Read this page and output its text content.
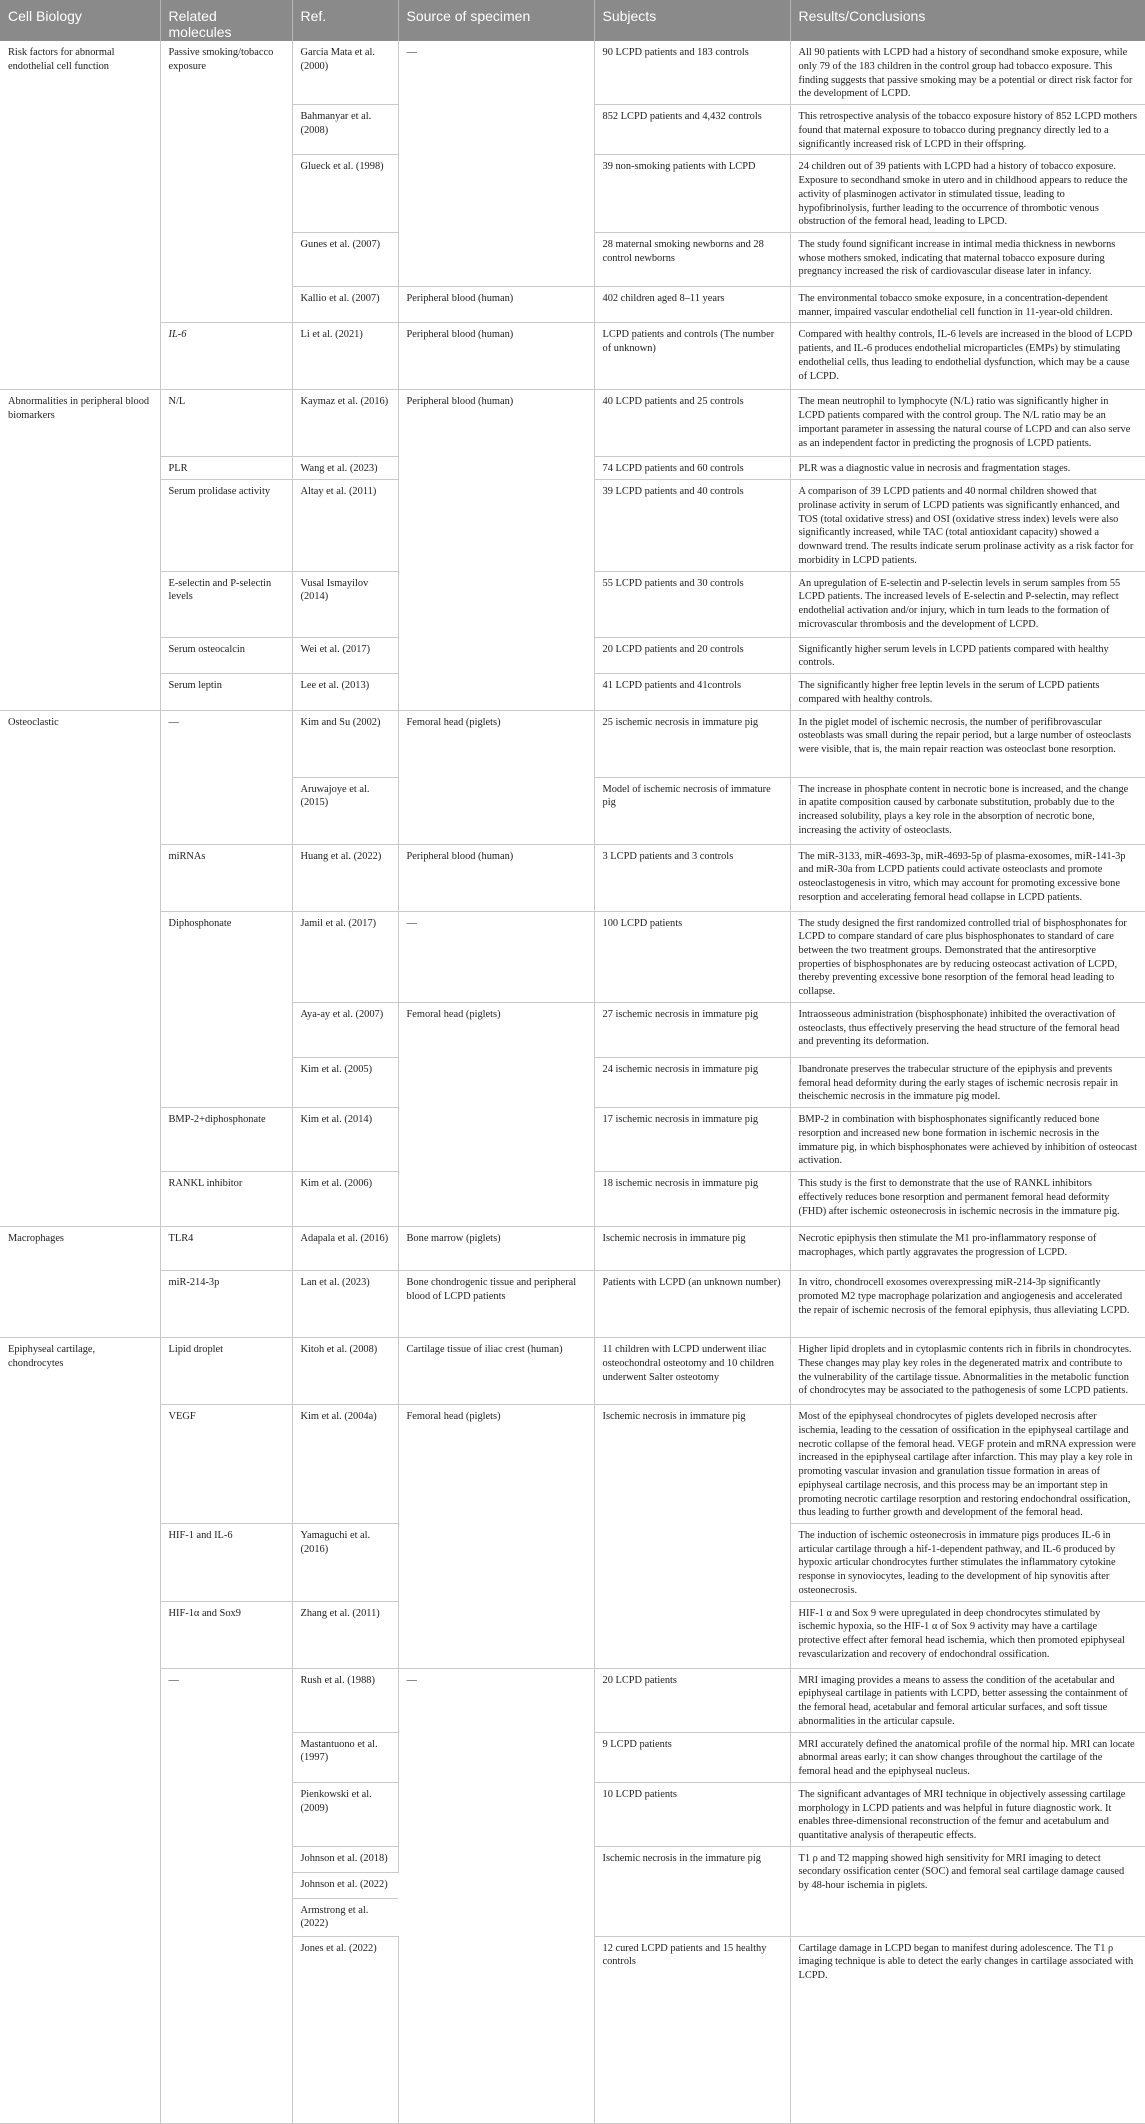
Cell Biology	Related molecules	Ref.	Source of specimen	Subjects	Results/Conclusions
Risk factors for abnormal endothelial cell function	Passive smoking/tobacco exposure	Garcia Mata et al. (2000)	—	90 LCPD patients and 183 controls	All 90 patients with LCPD had a history of secondhand smoke exposure, while only 79 of the 183 children in the control group had tobacco exposure. This finding suggests that passive smoking may be a potential or direct risk factor for the development of LCPD.
		Bahmanyar et al. (2008)		852 LCPD patients and 4,432 controls	This retrospective analysis of the tobacco exposure history of 852 LCPD mothers found that maternal exposure to tobacco during pregnancy directly led to a significantly increased risk of LCPD in their offspring.
		Glueck et al. (1998)		39 non-smoking patients with LCPD	24 children out of 39 patients with LCPD had a history of tobacco exposure. Exposure to secondhand smoke in utero and in childhood appears to reduce the activity of plasminogen activator in stimulated tissue, leading to hypofibrinolysis, further leading to the occurrence of thrombotic venous obstruction of the femoral head, leading to LPCD.
		Gunes et al. (2007)		28 maternal smoking newborns and 28 control newborns	The study found significant increase in intimal media thickness in newborns whose mothers smoked, indicating that maternal tobacco exposure during pregnancy increased the risk of cardiovascular disease later in infancy.
		Kallio et al. (2007)	Peripheral blood (human)	402 children aged 8–11 years	The environmental tobacco smoke exposure, in a concentration-dependent manner, impaired vascular endothelial cell function in 11-year-old children.
	IL-6	Li et al. (2021)	Peripheral blood (human)	LCPD patients and controls (The number of unknown)	Compared with healthy controls, IL-6 levels are increased in the blood of LCPD patients, and IL-6 produces endothelial microparticles (EMPs) by stimulating endothelial cells, thus leading to endothelial dysfunction, which may be a cause of LCPD.
Abnormalities in peripheral blood biomarkers	N/L	Kaymaz et al. (2016)	Peripheral blood (human)	40 LCPD patients and 25 controls	The mean neutrophil to lymphocyte (N/L) ratio was significantly higher in LCPD patients compared with the control group. The N/L ratio may be an important parameter in assessing the natural course of LCPD and can also serve as an independent factor in predicting the prognosis of LCPD patients.
	PLR	Wang et al. (2023)		74 LCPD patients and 60 controls	PLR was a diagnostic value in necrosis and fragmentation stages.
	Serum prolidase activity	Altay et al. (2011)		39 LCPD patients and 40 controls	A comparison of 39 LCPD patients and 40 normal children showed that prolinase activity in serum of LCPD patients was significantly enhanced, and TOS (total oxidative stress) and OSI (oxidative stress index) levels were also significantly increased, while TAC (total antioxidant capacity) showed a downward trend. The results indicate serum prolinase activity as a risk factor for morbidity in LCPD patients.
	E-selectin and P-selectin levels	Vusal Ismayilov (2014)		55 LCPD patients and 30 controls	An upregulation of E-selectin and P-selectin levels in serum samples from 55 LCPD patients. The increased levels of E-selectin and P-selectin, may reflect endothelial activation and/or injury, which in turn leads to the formation of microvascular thrombosis and the development of LCPD.
	Serum osteocalcin	Wei et al. (2017)		20 LCPD patients and 20 controls	Significantly higher serum levels in LCPD patients compared with healthy controls.
	Serum leptin	Lee et al. (2013)		41 LCPD patients and 41controls	The significantly higher free leptin levels in the serum of LCPD patients compared with healthy controls.
Osteoclastic	—	Kim and Su (2002)	Femoral head (piglets)	25 ischemic necrosis in immature pig	In the piglet model of ischemic necrosis, the number of perifibrovascular osteoblasts was small during the repair period, but a large number of osteoclasts were visible, that is, the main repair reaction was osteoclast bone resorption.
		Aruwajoye et al. (2015)		Model of ischemic necrosis of immature pig	The increase in phosphate content in necrotic bone is increased, and the change in apatite composition caused by carbonate substitution, probably due to the increased solubility, plays a key role in the absorption of necrotic bone, increasing the activity of osteoclasts.
	miRNAs	Huang et al. (2022)	Peripheral blood (human)	3 LCPD patients and 3 controls	The miR-3133, miR-4693-3p, miR-4693-5p of plasma-exosomes, miR-141-3p and miR-30a from LCPD patients could activate osteoclasts and promote osteoclastogenesis in vitro, which may account for promoting excessive bone resorption and accelerating femoral head collapse in LCPD patients.
	Diphosphonate	Jamil et al. (2017)	—	100 LCPD patients	The study designed the first randomized controlled trial of bisphosphonates for LCPD to compare standard of care plus bisphosphonates to standard of care between the two treatment groups. Demonstrated that the antiresorptive properties of bisphosphonates are by reducing osteocast activation of LCPD, thereby preventing excessive bone resorption of the femoral head leading to collapse.
		Aya-ay et al. (2007)	Femoral head (piglets)	27 ischemic necrosis in immature pig	Intraosseous administration (bisphosphonate) inhibited the overactivation of osteoclasts, thus effectively preserving the head structure of the femoral head and preventing its deformation.
		Kim et al. (2005)		24 ischemic necrosis in immature pig	Ibandronate preserves the trabecular structure of the epiphysis and prevents femoral head deformity during the early stages of ischemic necrosis repair in theischemic necrosis in the immature pig model.
	BMP-2+diphosphonate	Kim et al. (2014)		17 ischemic necrosis in immature pig	BMP-2 in combination with bisphosphonates significantly reduced bone resorption and increased new bone formation in ischemic necrosis in the immature pig, in which bisphosphonates were achieved by inhibition of osteocast activation.
	RANKL inhibitor	Kim et al. (2006)		18 ischemic necrosis in immature pig	This study is the first to demonstrate that the use of RANKL inhibitors effectively reduces bone resorption and permanent femoral head deformity (FHD) after ischemic osteonecrosis in ischemic necrosis in the immature pig.
Macrophages	TLR4	Adapala et al. (2016)	Bone marrow (piglets)	Ischemic necrosis in immature pig	Necrotic epiphysis then stimulate the M1 pro-inflammatory response of macrophages, which partly aggravates the progression of LCPD.
	miR-214-3p	Lan et al. (2023)	Bone chondrogenic tissue and peripheral blood of LCPD patients	Patients with LCPD (an unknown number)	In vitro, chondrocell exosomes overexpressing miR-214-3p significantly promoted M2 type macrophage polarization and angiogenesis and accelerated the repair of ischemic necrosis of the femoral epiphysis, thus alleviating LCPD.
Epiphyseal cartilage, chondrocytes	Lipid droplet	Kitoh et al. (2008)	Cartilage tissue of iliac crest (human)	11 children with LCPD underwent iliac osteochondral osteotomy and 10 children underwent Salter osteotomy	Higher lipid droplets and in cytoplasmic contents rich in fibrils in chondrocytes. These changes may play key roles in the degenerated matrix and contribute to the vulnerability of the cartilage tissue. Abnormalities in the metabolic function of chondrocytes may be associated to the pathogenesis of some LCPD patients.
	VEGF	Kim et al. (2004a)	Femoral head (piglets)	Ischemic necrosis in immature pig	Most of the epiphyseal chondrocytes of piglets developed necrosis after ischemia, leading to the cessation of ossification in the epiphyseal cartilage and necrotic collapse of the femoral head. VEGF protein and mRNA expression were increased in the epiphyseal cartilage after infarction. This may play a key role in promoting vascular invasion and granulation tissue formation in areas of epiphyseal cartilage necrosis, and this process may be an important step in promoting necrotic cartilage resorption and restoring endochondral ossification, thus leading to further growth and development of the femoral head.
	HIF-1 and IL-6	Yamaguchi et al. (2016)			The induction of ischemic osteonecrosis in immature pigs produces IL-6 in articular cartilage through a hif-1-dependent pathway, and IL-6 produced by hypoxic articular chondrocytes further stimulates the inflammatory cytokine response in synoviocytes, leading to the development of hip synovitis after osteonecrosis.
	HIF-1α and Sox9	Zhang et al. (2011)			HIF-1 α and Sox 9 were upregulated in deep chondrocytes stimulated by ischemic hypoxia, so the HIF-1 α of Sox 9 activity may have a cartilage protective effect after femoral head ischemia, which then promoted epiphyseal revascularization and recovery of endochondral ossification.
	—	Rush et al. (1988)	—	20 LCPD patients	MRI imaging provides a means to assess the condition of the acetabular and epiphyseal cartilage in patients with LCPD, better assessing the containment of the femoral head, acetabular and femoral articular surfaces, and soft tissue abnormalities in the articular capsule.
		Mastantuono et al. (1997)		9 LCPD patients	MRI accurately defined the anatomical profile of the normal hip. MRI can locate abnormal areas early; it can show changes throughout the cartilage of the femoral head and the epiphyseal nucleus.
		Pienkowski et al. (2009)		10 LCPD patients	The significant advantages of MRI technique in objectively assessing cartilage morphology in LCPD patients and was helpful in future diagnostic work. It enables three-dimensional reconstruction of the femur and acetabulum and quantitative analysis of therapeutic effects.
		Johnson et al. (2018)		Ischemic necrosis in the immature pig	T1 ρ and T2 mapping showed high sensitivity for MRI imaging to detect secondary ossification center (SOC) and femoral seal cartilage damage caused by 48-hour ischemia in piglets.
		Johnson et al. (2022)			
		Armstrong et al. (2022)			
		Jones et al. (2022)		12 cured LCPD patients and 15 healthy controls	Cartilage damage in LCPD began to manifest during adolescence. The T1 ρ imaging technique is able to detect the early changes in cartilage associated with LCPD.
